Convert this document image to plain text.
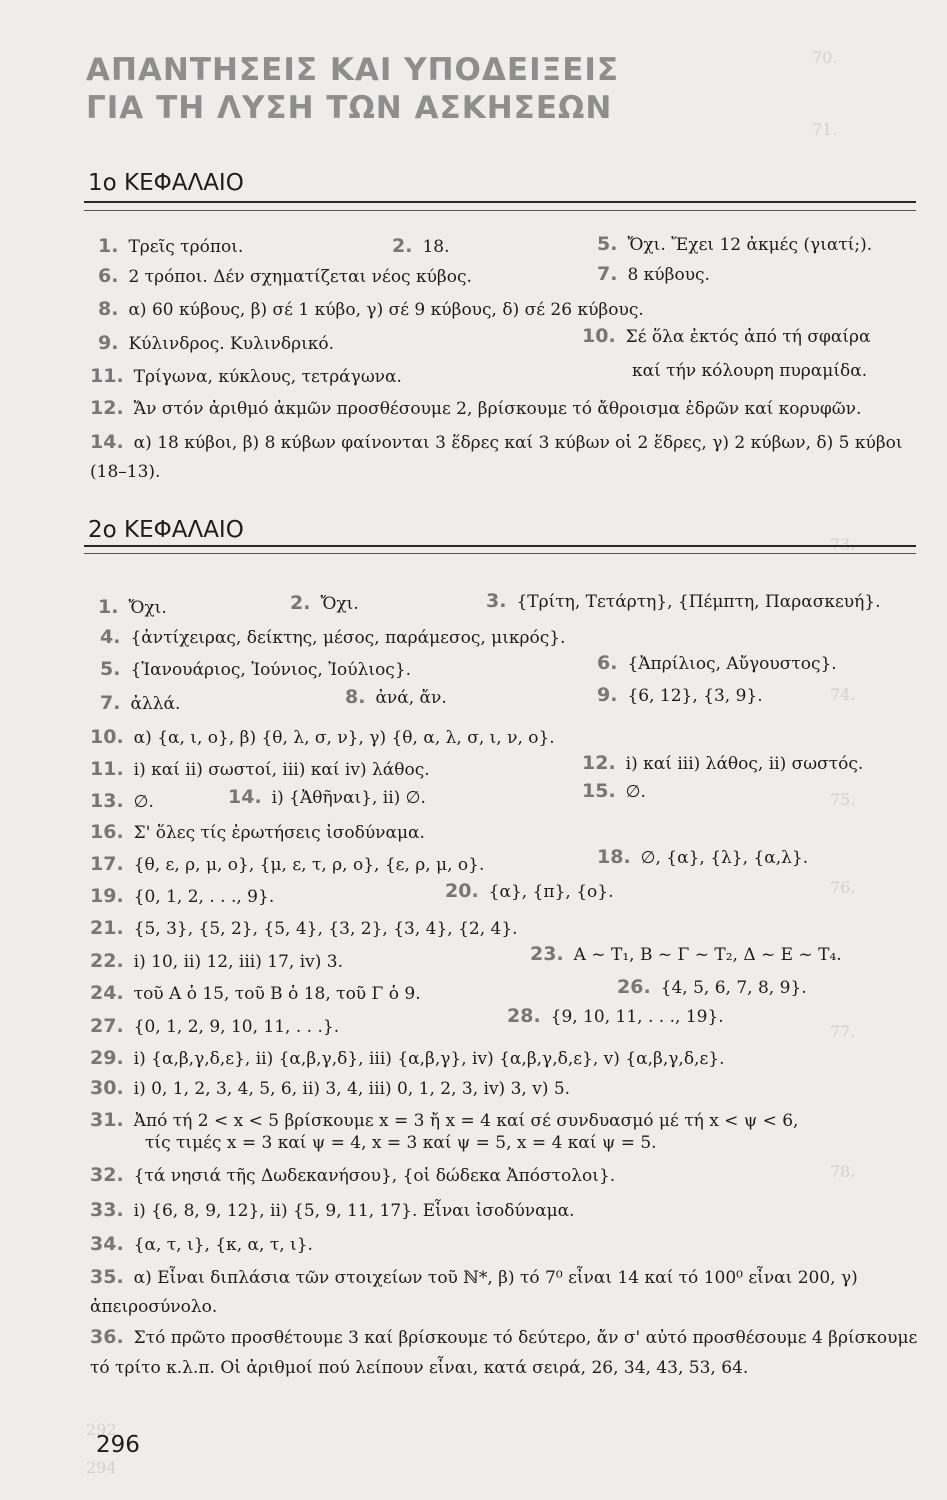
70.
71.
73.
74.
75.
76.
77.
78.
292
294
ΑΠΑΝΤΗΣΕΙΣ ΚΑΙ ΥΠΟΔΕΙΞΕΙΣ
ΓΙΑ ΤΗ ΛΥΣΗ ΤΩΝ ΑΣΚΗΣΕΩΝ
1ο ΚΕΦΑΛΑΙΟ
1. Τρεῖς τρόποι.	2. 18.	5. Ὄχι. Ἔχει 12 ἀκμές (γιατί;).
6. 2 τρόποι. Δέν σχηματίζεται νέος κύβος.	7. 8 κύβους.
8. α) 60 κύβους, β) σέ 1 κύβο, γ) σέ 9 κύβους, δ) σέ 26 κύβους.
9. Κύλινδρος. Κυλινδρικό.	10. Σέ ὅλα ἐκτός ἀπό τή σφαίρα
καί τήν κόλουρη πυραμίδα.
11. Τρίγωνα, κύκλους, τετράγωνα.
12. Ἄν στόν ἀριθμό ἀκμῶν προσθέσουμε 2, βρίσκουμε τό ἄθροισμα ἑδρῶν καί κορυφῶν.
14. α) 18 κύβοι, β) 8 κύβων φαίνονται 3 ἕδρες καί 3 κύβων οἱ 2 ἕδρες, γ) 2 κύβων, δ) 5 κύβοι (18–13).
2ο ΚΕΦΑΛΑΙΟ
1. Ὄχι.	2. Ὄχι.	3. {Τρίτη, Τετάρτη}, {Πέμπτη, Παρασκευή}.
4. {ἀντίχειρας, δείκτης, μέσος, παράμεσος, μικρός}.
5. {Ἰανουάριος, Ἰούνιος, Ἰούλιος}.	6. {Ἀπρίλιος, Αὔγουστος}.
7. ἀλλά.	8. ἀνά, ἄν.	9. {6, 12}, {3, 9}.
10. α) {α, ι, ο}, β) {θ, λ, σ, ν}, γ) {θ, α, λ, σ, ι, ν, ο}.
11. i) καί ii) σωστοί, iii) καί iv) λάθος.	12. i) καί iii) λάθος, ii) σωστός.
13. ∅.	14. i) {Ἀθῆναι}, ii) ∅.	15. ∅.
16. Σ' ὅλες τίς ἐρωτήσεις ἰσοδύναμα.
17. {θ, ε, ρ, μ, ο}, {μ, ε, τ, ρ, ο}, {ε, ρ, μ, ο}.	18. ∅, {α}, {λ}, {α,λ}.
19. {0, 1, 2, . . ., 9}.	20. {α}, {π}, {ο}.
21. {5, 3}, {5, 2}, {5, 4}, {3, 2}, {3, 4}, {2, 4}.
22. i) 10, ii) 12, iii) 17, iv) 3.	23. Α ~ Τ₁, Β ~ Γ ~ Τ₂, Δ ~ Ε ~ Τ₄.
24. τοῦ Α ὁ 15, τοῦ Β ὁ 18, τοῦ Γ ὁ 9.	26. {4, 5, 6, 7, 8, 9}.
27. {0, 1, 2, 9, 10, 11, . . .}.	28. {9, 10, 11, . . ., 19}.
29. i) {α,β,γ,δ,ε}, ii) {α,β,γ,δ}, iii) {α,β,γ}, iv) {α,β,γ,δ,ε}, v) {α,β,γ,δ,ε}.
30. i) 0, 1, 2, 3, 4, 5, 6, ii) 3, 4, iii) 0, 1, 2, 3, iv) 3, v) 5.
31. Ἀπό τή 2 < x < 5 βρίσκουμε x = 3 ἤ x = 4 καί σέ συνδυασμό μέ τή x < ψ < 6,
τίς τιμές x = 3 καί ψ = 4, x = 3 καί ψ = 5, x = 4 καί ψ = 5.
32. {τά νησιά τῆς Δωδεκανήσου}, {οἱ δώδεκα Ἀπόστολοι}.
33. i) {6, 8, 9, 12}, ii) {5, 9, 11, 17}. Εἶναι ἰσοδύναμα.
34. {α, τ, ι}, {κ, α, τ, ι}.
35. α) Εἶναι διπλάσια τῶν στοιχείων τοῦ ℕ*, β) τό 7⁰ εἶναι 14 καί τό 100⁰ εἶναι 200, γ) ἀπειροσύνολο.
36. Στό πρῶτο προσθέτουμε 3 καί βρίσκουμε τό δεύτερο, ἄν σ' αὐτό προσθέσουμε 4 βρίσκουμε τό τρίτο κ.λ.π. Οἱ ἀριθμοί πού λείπουν εἶναι, κατά σειρά, 26, 34, 43, 53, 64.
296
